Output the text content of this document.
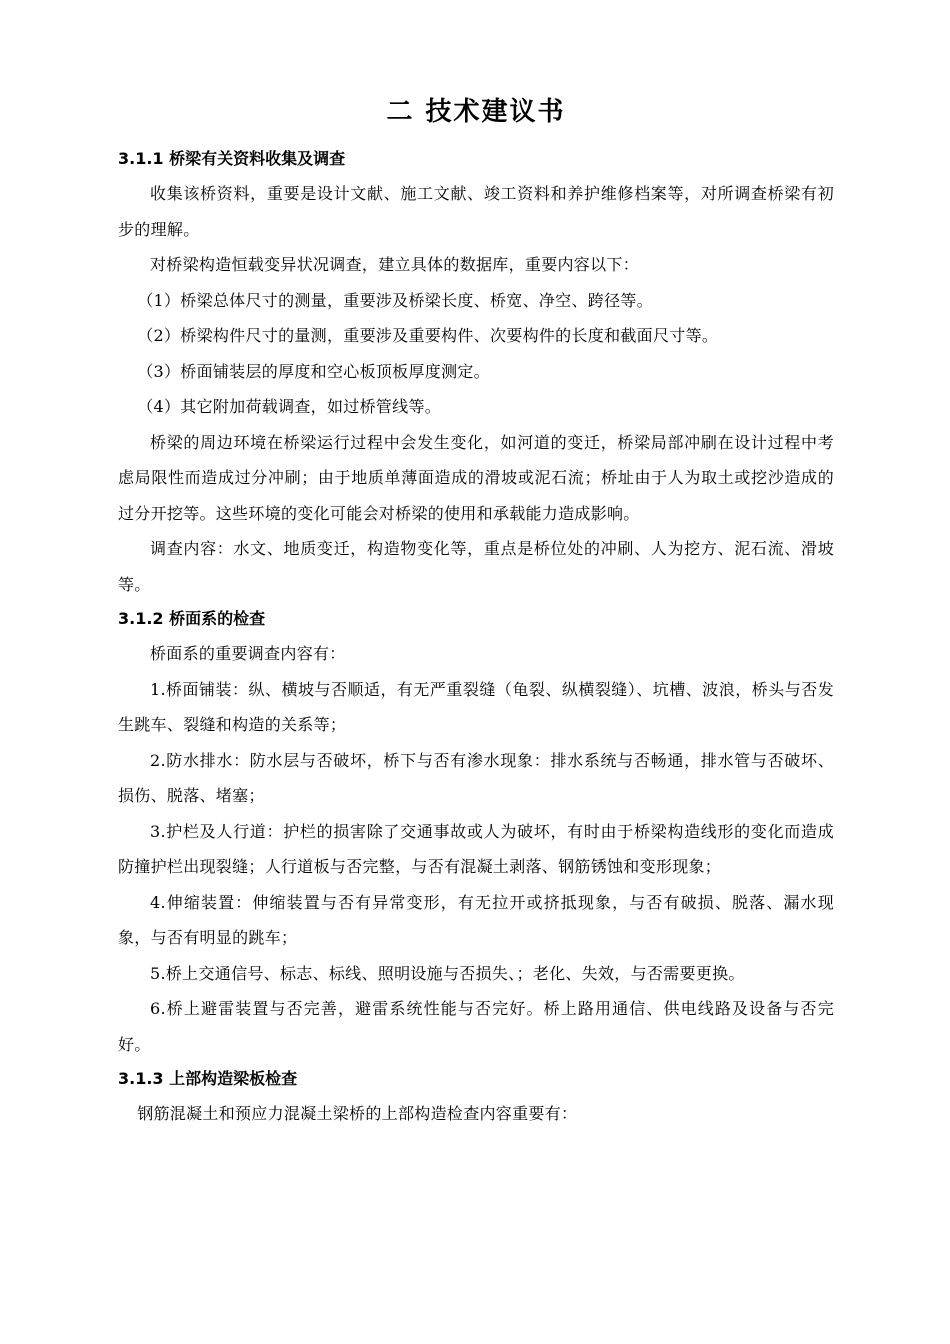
二 技术建议书
3.1.1 桥梁有关资料收集及调查

收集该桥资料，重要是设计文献、施工文献、竣工资料和养护维修档案等，对所调查桥梁有初步的理解。

对桥梁构造恒载变异状况调查，建立具体的数据库，重要内容以下：

（1）桥梁总体尺寸的测量，重要涉及桥梁长度、桥宽、净空、跨径等。

（2）桥梁构件尺寸的量测，重要涉及重要构件、次要构件的长度和截面尺寸等。

（3）桥面铺装层的厚度和空心板顶板厚度测定。

（4）其它附加荷载调查，如过桥管线等。

桥梁的周边环境在桥梁运行过程中会发生变化，如河道的变迁，桥梁局部冲刷在设计过程中考虑局限性而造成过分冲刷；由于地质单薄面造成的滑坡或泥石流；桥址由于人为取土或挖沙造成的过分开挖等。这些环境的变化可能会对桥梁的使用和承载能力造成影响。

调查内容：水文、地质变迁，构造物变化等，重点是桥位处的冲刷、人为挖方、泥石流、滑坡等。

3.1.2 桥面系的检查

桥面系的重要调查内容有：

1.桥面铺装：纵、横坡与否顺适，有无严重裂缝（龟裂、纵横裂缝）、坑槽、波浪，桥头与否发生跳车、裂缝和构造的关系等；

2.防水排水：防水层与否破坏，桥下与否有渗水现象：排水系统与否畅通，排水管与否破坏、损伤、脱落、堵塞；

3.护栏及人行道：护栏的损害除了交通事故或人为破坏，有时由于桥梁构造线形的变化而造成防撞护栏出现裂缝；人行道板与否完整，与否有混凝土剥落、钢筋锈蚀和变形现象；

4.伸缩装置：伸缩装置与否有异常变形，有无拉开或挤抵现象，与否有破损、脱落、漏水现象，与否有明显的跳车；

5.桥上交通信号、标志、标线、照明设施与否损失、；老化、失效，与否需要更换。

6.桥上避雷装置与否完善，避雷系统性能与否完好。桥上路用通信、供电线路及设备与否完好。

3.1.3 上部构造梁板检查

钢筋混凝土和预应力混凝土梁桥的上部构造检查内容重要有：
